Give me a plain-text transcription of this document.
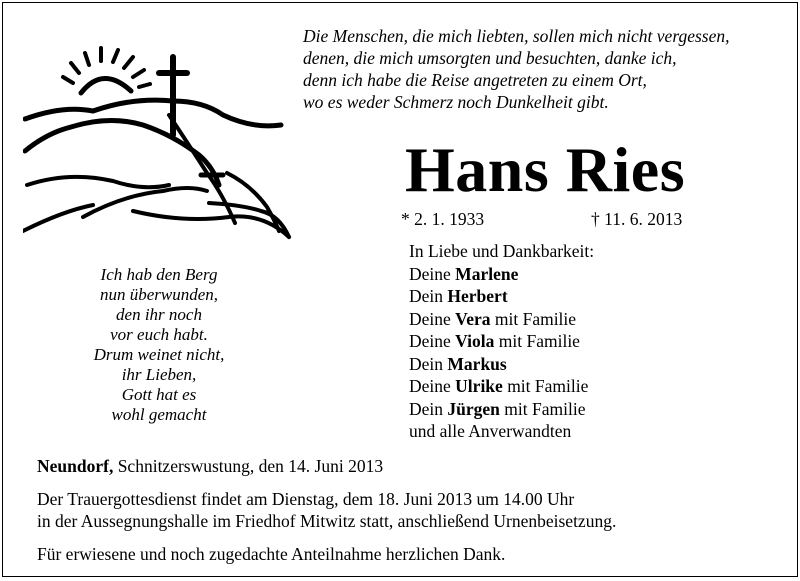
Die Menschen, die mich liebten, sollen mich nicht vergessen,
denen, die mich umsorgten und besuchten, danke ich,
denn ich habe die Reise angetreten zu einem Ort,
wo es weder Schmerz noch Dunkelheit gibt.
Hans Ries
* 2. 1. 1933	† 11. 6. 2013
Ich hab den Berg
nun überwunden,
den ihr noch
vor euch habt.
Drum weinet nicht,
ihr Lieben,
Gott hat es
wohl gemacht
In Liebe und Dankbarkeit:
Deine Marlene
Dein Herbert
Deine Vera mit Familie
Deine Viola mit Familie
Dein Markus
Deine Ulrike mit Familie
Dein Jürgen mit Familie
und alle Anverwandten
Neundorf, Schnitzerswustung, den 14. Juni 2013
Der Trauergottesdienst findet am Dienstag, dem 18. Juni 2013 um 14.00 Uhr
in der Aussegnungshalle im Friedhof Mitwitz statt, anschließend Urnenbeisetzung.
Für erwiesene und noch zugedachte Anteilnahme herzlichen Dank.
